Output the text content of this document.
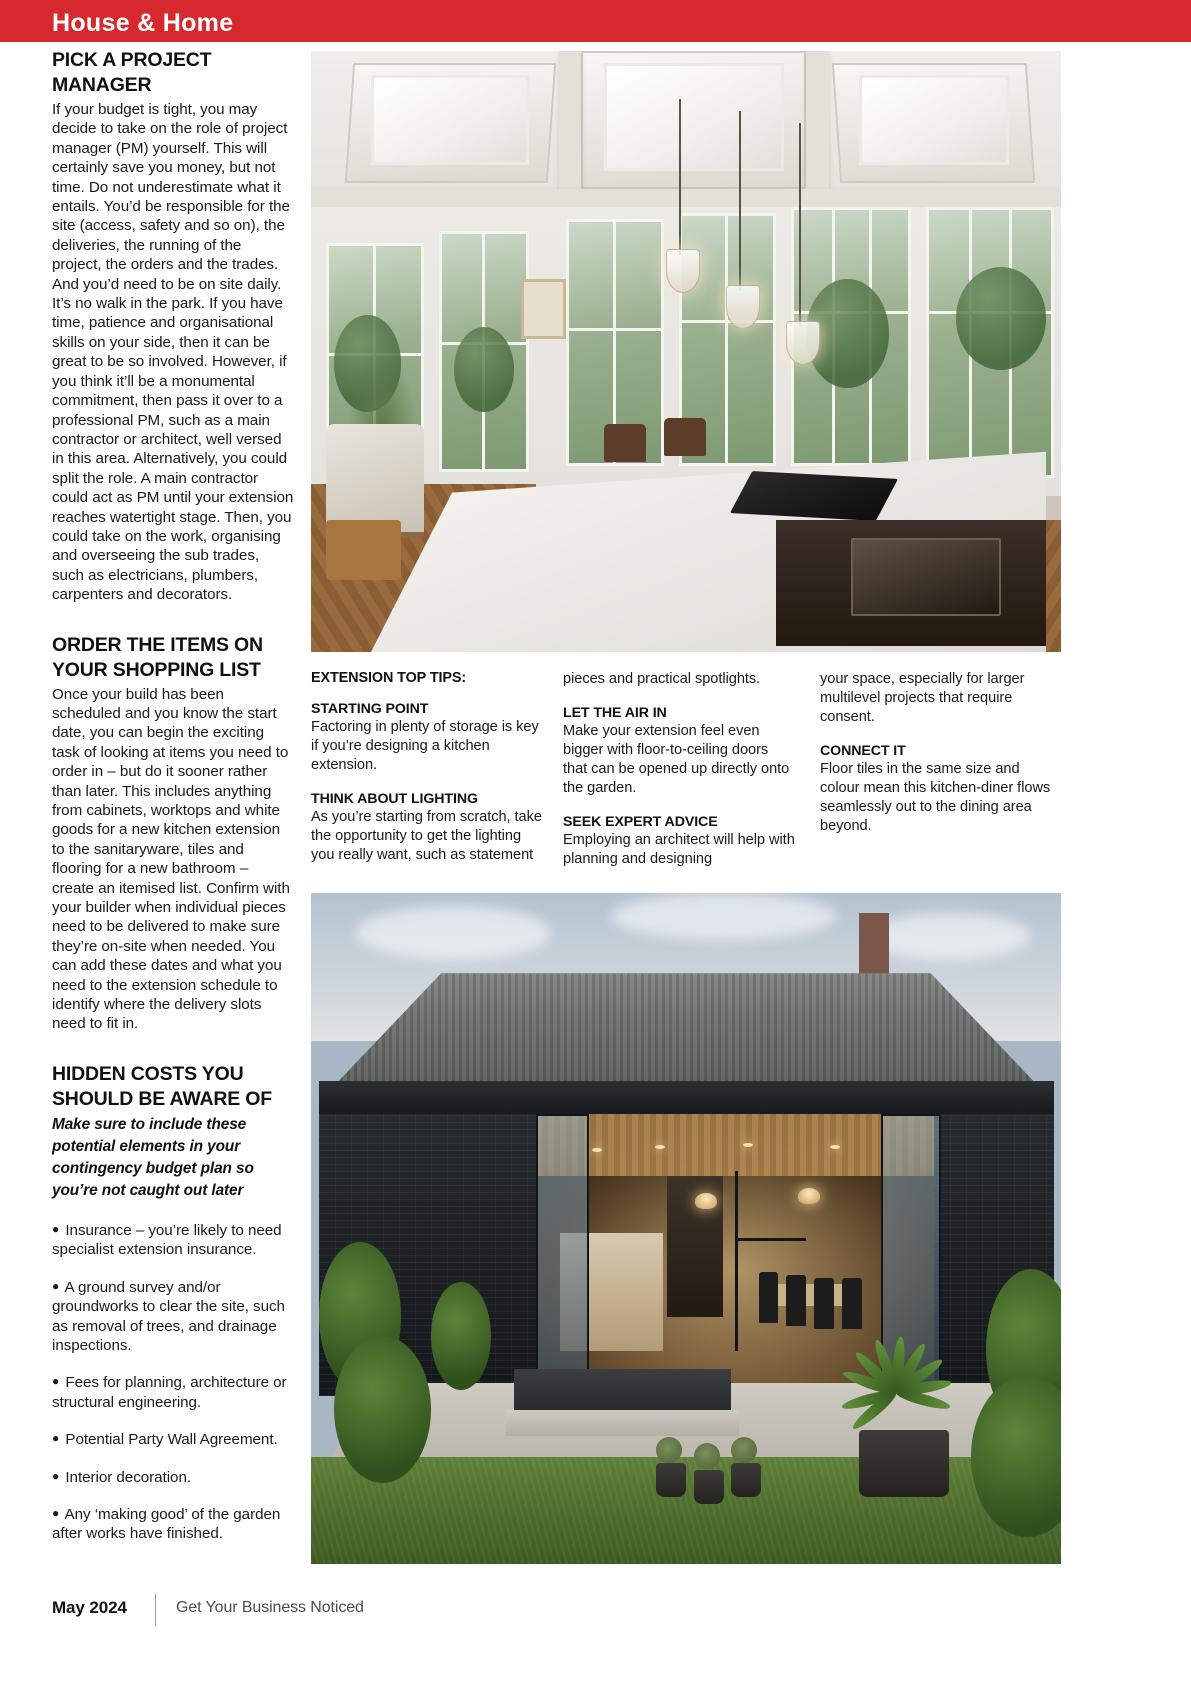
House & Home
PICK A PROJECT MANAGER

If your budget is tight, you may decide to take on the role of project manager (PM) yourself. This will certainly save you money, but not time. Do not underestimate what it entails. You’d be responsible for the site (access, safety and so on), the deliveries, the running of the project, the orders and the trades. And you’d need to be on site daily. It’s no walk in the park. If you have time, patience and organisational skills on your side, then it can be great to be so involved. However, if you think it’ll be a monumental commitment, then pass it over to a professional PM, such as a main contractor or architect, well versed in this area. Alternatively, you could split the role. A main contractor could act as PM until your extension reaches watertight stage. Then, you could take on the work, organising and overseeing the sub trades, such as electricians, plumbers, carpenters and decorators.

ORDER THE ITEMS ON YOUR SHOPPING LIST

Once your build has been scheduled and you know the start date, you can begin the exciting task of looking at items you need to order in – but do it sooner rather than later. This includes anything from cabinets, worktops and white goods for a new kitchen extension to the sanitaryware, tiles and flooring for a new bathroom – create an itemised list. Confirm with your builder when individual pieces need to be delivered to make sure they’re on-site when needed. You can add these dates and what you need to the extension schedule to identify where the delivery slots need to fit in.

HIDDEN COSTS YOU SHOULD BE AWARE OF

Make sure to include these potential elements in your contingency budget plan so you’re not caught out later

● Insurance – you’re likely to need specialist extension insurance.

● A ground survey and/or groundworks to clear the site, such as removal of trees, and drainage inspections.

● Fees for planning, architecture or structural engineering.

● Potential Party Wall Agreement.

● Interior decoration.

● Any ‘making good’ of the garden after works have finished.

EXTENSION TOP TIPS:
STARTING POINT
Factoring in plenty of storage is key if you’re designing a kitchen extension.
THINK ABOUT LIGHTING
As you’re starting from scratch, take the opportunity to get the lighting you really want, such as statement
pieces and practical spotlights.
LET THE AIR IN
Make your extension feel even bigger with floor-to-ceiling doors that can be opened up directly onto the garden.
SEEK EXPERT ADVICE
Employing an architect will help with planning and designing
your space, especially for larger multilevel projects that require consent.
CONNECT IT
Floor tiles in the same size and colour mean this kitchen-diner flows seamlessly out to the dining area beyond.
May 2024	Get Your Business Noticed
